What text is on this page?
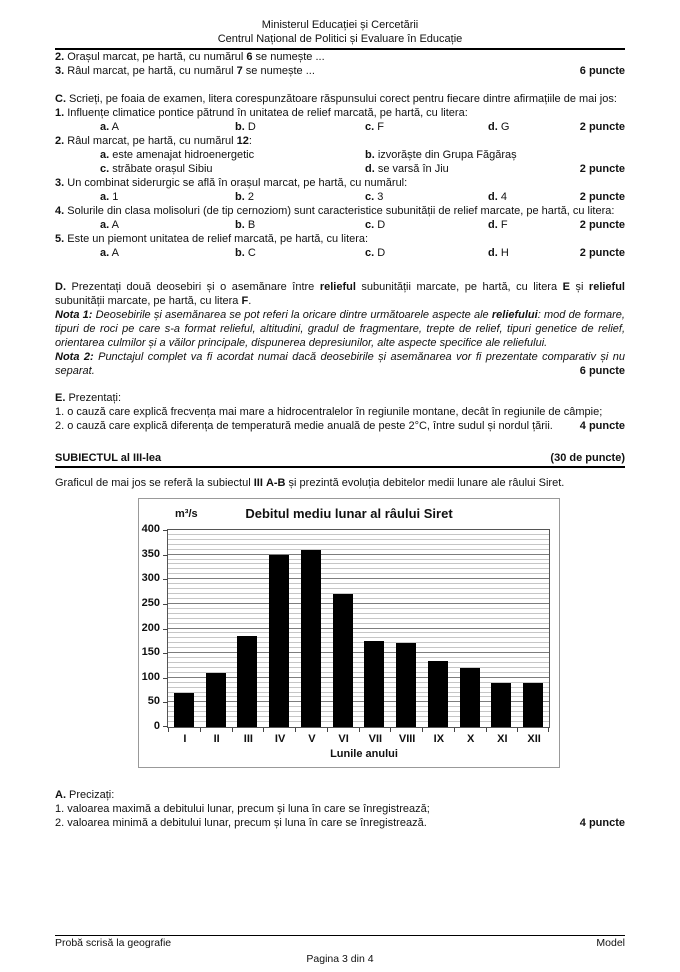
Ministerul Educației și Cercetării

Centrul Național de Politici și Evaluare în Educație

2. Orașul marcat, pe hartă, cu numărul 6 se numește ...

3. Râul marcat, pe hartă, cu numărul 7 se numește ...	6 puncte

C. Scrieți, pe foaia de examen, litera corespunzătoare răspunsului corect pentru fiecare dintre afirmațiile de mai jos:

1. Influențe climatice pontice pătrund în unitatea de relief marcată, pe hartă, cu litera:

a. A	b. D	c. F	d. G	2 puncte

2. Râul marcat, pe hartă, cu numărul 12:

a. este amenajat hidroenergetic	b. izvorăște din Grupa Făgăraș
c. străbate orașul Sibiu	d. se varsă în Jiu	2 puncte

3. Un combinat siderurgic se află în orașul marcat, pe hartă, cu numărul:

a. 1	b. 2	c. 3	d. 4	2 puncte

4. Solurile din clasa molisoluri (de tip cernoziom) sunt caracteristice subunității de relief marcate, pe hartă, cu litera:

a. A	b. B	c. D	d. F	2 puncte

5. Este un piemont unitatea de relief marcată, pe hartă, cu litera:

a. A	b. C	c. D	d. H	2 puncte

D. Prezentați două deosebiri și o asemănare între relieful subunității marcate, pe hartă, cu litera E și relieful subunității marcate, pe hartă, cu litera F.

Nota 1: Deosebirile și asemănarea se pot referi la oricare dintre următoarele aspecte ale reliefului: mod de formare, tipuri de roci pe care s-a format relieful, altitudini, gradul de fragmentare, trepte de relief, tipuri genetice de relief, orientarea culmilor și a văilor principale, dispunerea depresiunilor, alte aspecte specifice ale reliefului.

Nota 2: Punctajul complet va fi acordat numai dacă deosebirile și asemănarea vor fi prezentate comparativ și nu separat.	6 puncte

E. Prezentați:

1. o cauză care explică frecvența mai mare a hidrocentralelor în regiunile montane, decât în regiunile de câmpie;

2. o cauză care explică diferența de temperatură medie anuală de peste 2°C, între sudul și nordul țării. 4 puncte

SUBIECTUL al III-lea	(30 de puncte)

Graficul de mai jos se referă la subiectul III A-B și prezintă evoluția debitelor medii lunare ale râului Siret.

m³/s	Debitul mediu lunar al râului Siret
400
350
300
250
200
150
100
50
0
I	II	III	IV	V	VI	VII	VIII	IX	X	XI	XII
Lunile anului

A. Precizați:

1. valoarea maximă a debitului lunar, precum și luna în care se înregistrează;

2. valoarea minimă a debitului lunar, precum și luna în care se înregistrează.	4 puncte

Probă scrisă la geografie	Model
Pagina 3 din 4
